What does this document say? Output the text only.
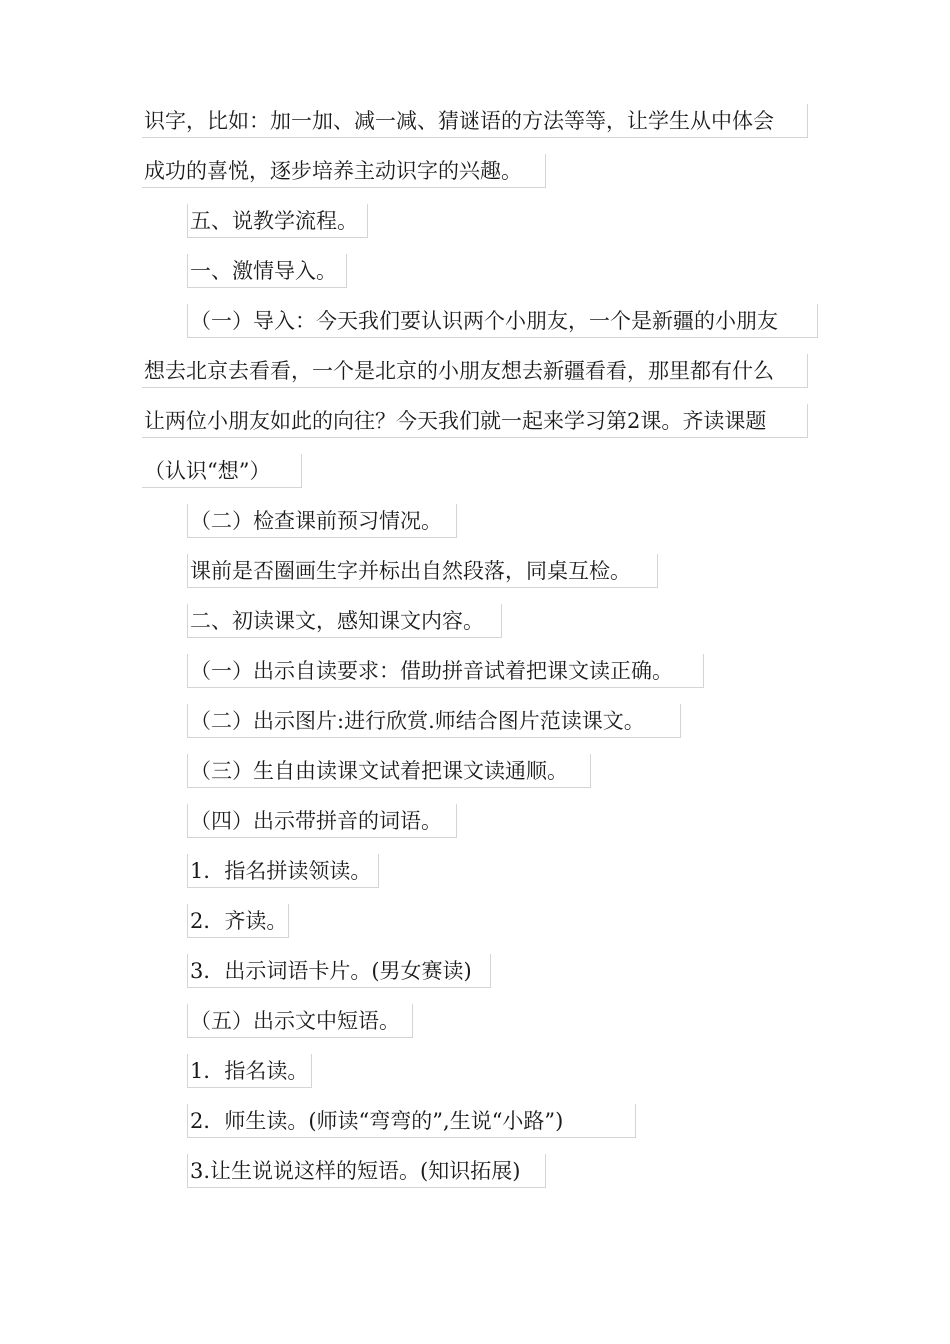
识字，比如：加一加、减一减、猜谜语的方法等等，让学生从中体会
成功的喜悦，逐步培养主动识字的兴趣。
五、说教学流程。
一、激情导入。
（一）导入：今天我们要认识两个小朋友，一个是新疆的小朋友
想去北京去看看，一个是北京的小朋友想去新疆看看，那里都有什么
让两位小朋友如此的向往？今天我们就一起来学习第2课。齐读课题
（认识“想”）
（二）检查课前预习情况。
课前是否圈画生字并标出自然段落，同桌互检。
二、初读课文，感知课文内容。
（一）出示自读要求：借助拼音试着把课文读正确。
（二）出示图片:进行欣赏.师结合图片范读课文。
（三）生自由读课文试着把课文读通顺。
（四）出示带拼音的词语。
1．指名拼读领读。
2．齐读。
3．出示词语卡片。(男女赛读)
（五）出示文中短语。
1．指名读。
2．师生读。(师读“弯弯的”,生说“小路”)
3.让生说说这样的短语。(知识拓展)
